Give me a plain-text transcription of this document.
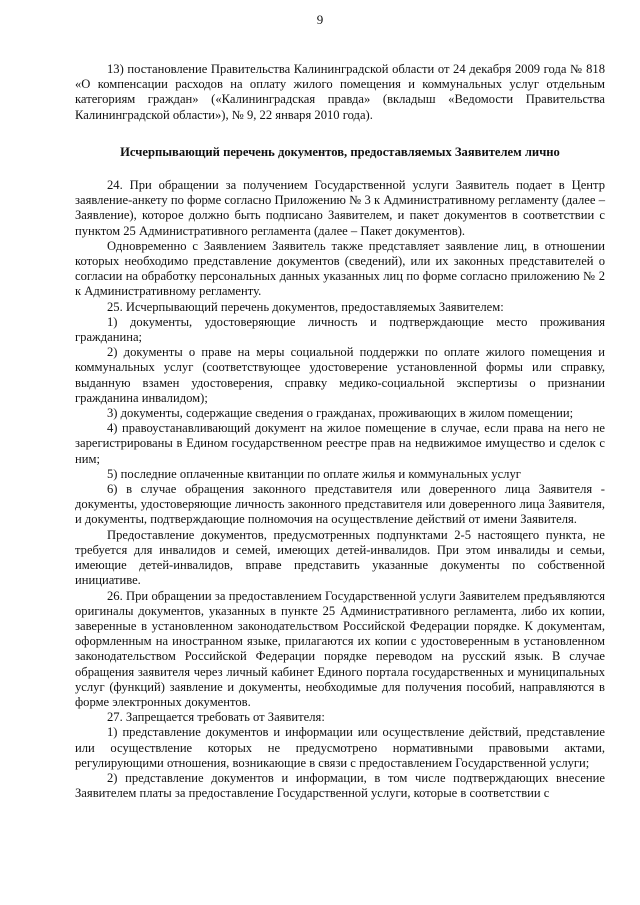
9

13) постановление Правительства Калининградской области от 24 декабря 2009 года № 818 «О компенсации расходов на оплату жилого помещения и коммунальных услуг отдельным категориям граждан» («Калининградская правда» (вкладыш «Ведомости Правительства Калининградской области»), № 9, 22 января 2010 года).

Исчерпывающий перечень документов, предоставляемых Заявителем лично

24. При обращении за получением Государственной услуги Заявитель подает в Центр заявление-анкету по форме согласно Приложению № 3 к Административному регламенту (далее – Заявление), которое должно быть подписано Заявителем, и пакет документов в соответствии с пунктом 25 Административного регламента (далее – Пакет документов).

Одновременно с Заявлением Заявитель также представляет заявление лиц, в отношении которых необходимо представление документов (сведений), или их законных представителей о согласии на обработку персональных данных указанных лиц по форме согласно приложению № 2 к Административному регламенту.

25. Исчерпывающий перечень документов, предоставляемых Заявителем:

1) документы, удостоверяющие личность и подтверждающие место проживания гражданина;

2) документы о праве на меры социальной поддержки по оплате жилого помещения и коммунальных услуг (соответствующее удостоверение установленной формы или справку, выданную взамен удостоверения, справку медико-социальной экспертизы о признании гражданина инвалидом);

3) документы, содержащие сведения о гражданах, проживающих в жилом помещении;

4) правоустанавливающий документ на жилое помещение в случае, если права на него не зарегистрированы в Едином государственном реестре прав на недвижимое имущество и сделок с ним;

5) последние оплаченные квитанции по оплате жилья и коммунальных услуг

6) в случае обращения законного представителя или доверенного лица Заявителя - документы, удостоверяющие личность законного представителя или доверенного лица Заявителя, и документы, подтверждающие полномочия на осуществление действий от имени Заявителя.

Предоставление документов, предусмотренных подпунктами 2-5 настоящего пункта, не требуется для инвалидов и семей, имеющих детей-инвалидов. При этом инвалиды и семьи, имеющие детей-инвалидов, вправе представить указанные документы по собственной инициативе.

26. При обращении за предоставлением Государственной услуги Заявителем предъявляются оригиналы документов, указанных в пункте 25 Административного регламента, либо их копии, заверенные в установленном законодательством Российской Федерации порядке. К документам, оформленным на иностранном языке, прилагаются их копии с удостоверенным в установленном законодательством Российской Федерации порядке переводом на русский язык. В случае обращения заявителя через личный кабинет Единого портала государственных и муниципальных услуг (функций) заявление и документы, необходимые для получения пособий, направляются в форме электронных документов.

27. Запрещается требовать от Заявителя:

1) представление документов и информации или осуществление действий, представление или осуществление которых не предусмотрено нормативными правовыми актами, регулирующими отношения, возникающие в связи с предоставлением Государственной услуги;

2) представление документов и информации, в том числе подтверждающих внесение Заявителем платы за предоставление Государственной услуги, которые в соответствии с
